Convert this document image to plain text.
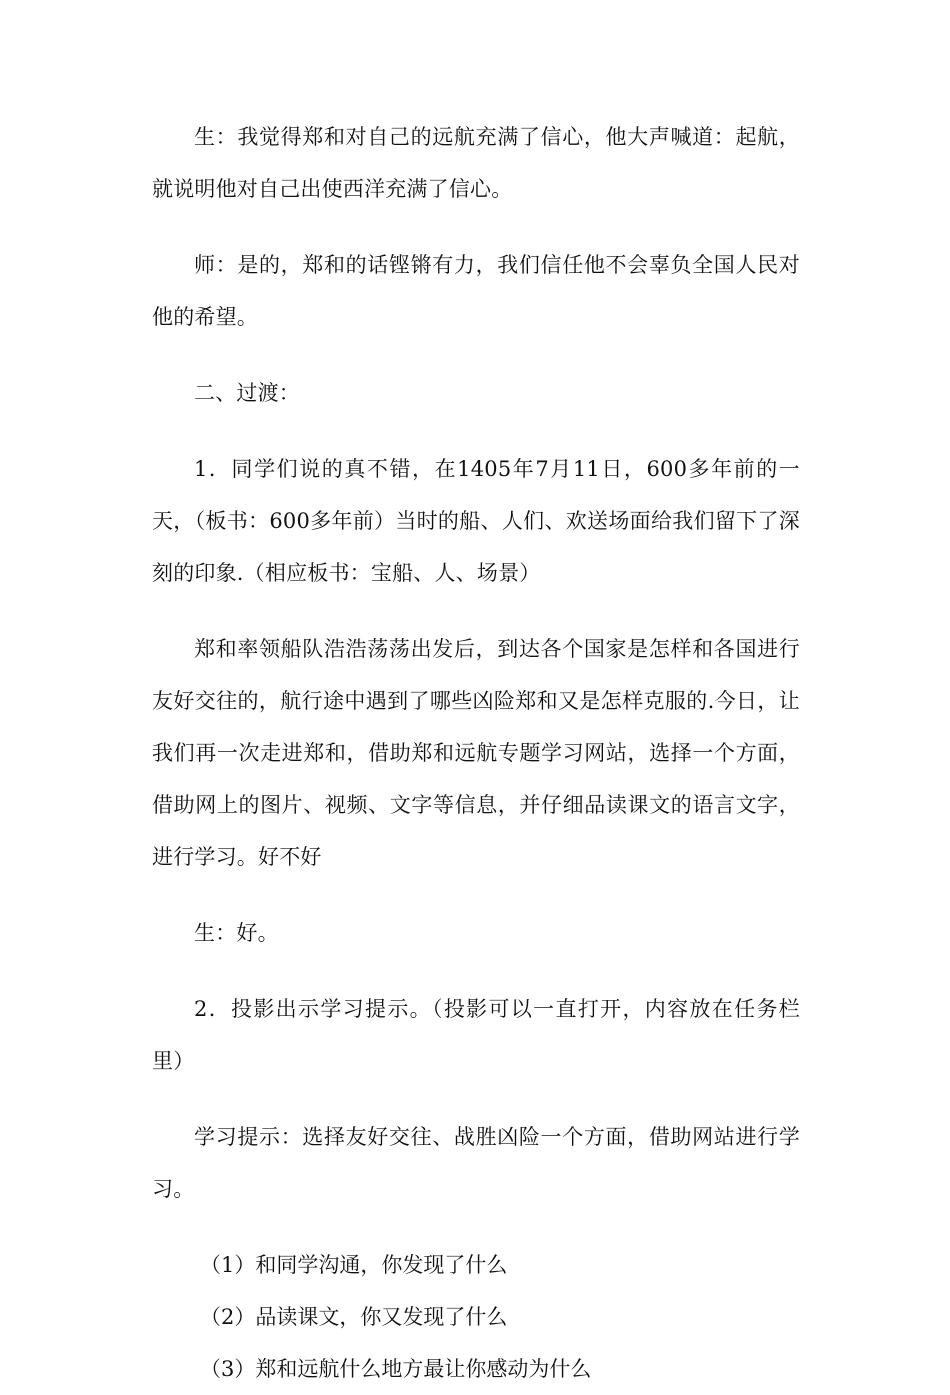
生：我觉得郑和对自己的远航充满了信心，他大声喊道：起航，就说明他对自己出使西洋充满了信心。

师：是的，郑和的话铿锵有力，我们信任他不会辜负全国人民对他的希望。

二、过渡：

1．同学们说的真不错，在1405年7月11日，600多年前的一天，（板书：600多年前）当时的船、人们、欢送场面给我们留下了深刻的印象.（相应板书：宝船、人、场景）

郑和率领船队浩浩荡荡出发后，到达各个国家是怎样和各国进行友好交往的，航行途中遇到了哪些凶险郑和又是怎样克服的.今日，让我们再一次走进郑和，借助郑和远航专题学习网站，选择一个方面，借助网上的图片、视频、文字等信息，并仔细品读课文的语言文字，进行学习。好不好

生：好。

2．投影出示学习提示。（投影可以一直打开，内容放在任务栏里）

学习提示：选择友好交往、战胜凶险一个方面，借助网站进行学习。

（1）和同学沟通，你发现了什么
（2）品读课文，你又发现了什么
（3）郑和远航什么地方最让你感动为什么
